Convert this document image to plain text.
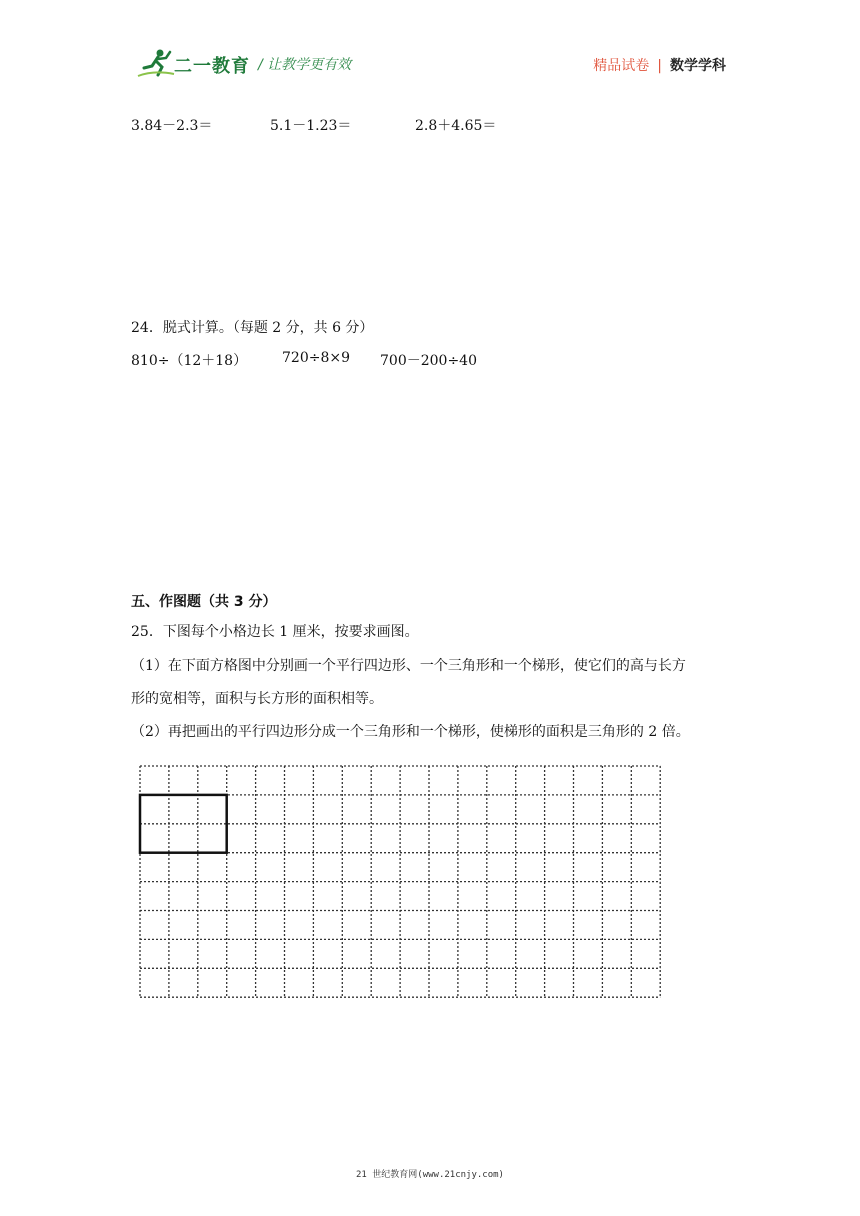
二一教育 / 让教学更有效	精品试卷 | 数学学科
3.84－2.3＝	5.1－1.23＝	2.8＋4.65＝
24．脱式计算。（每题 2 分，共 6 分）
810÷（12＋18） 720÷8×9 700－200÷40
五、作图题（共 3 分）
25．下图每个小格边长 1 厘米，按要求画图。
（1）在下面方格图中分别画一个平行四边形、一个三角形和一个梯形，使它们的高与长方
形的宽相等，面积与长方形的面积相等。
（2）再把画出的平行四边形分成一个三角形和一个梯形，使梯形的面积是三角形的 2 倍。
21 世纪教育网(www.21cnjy.com)
